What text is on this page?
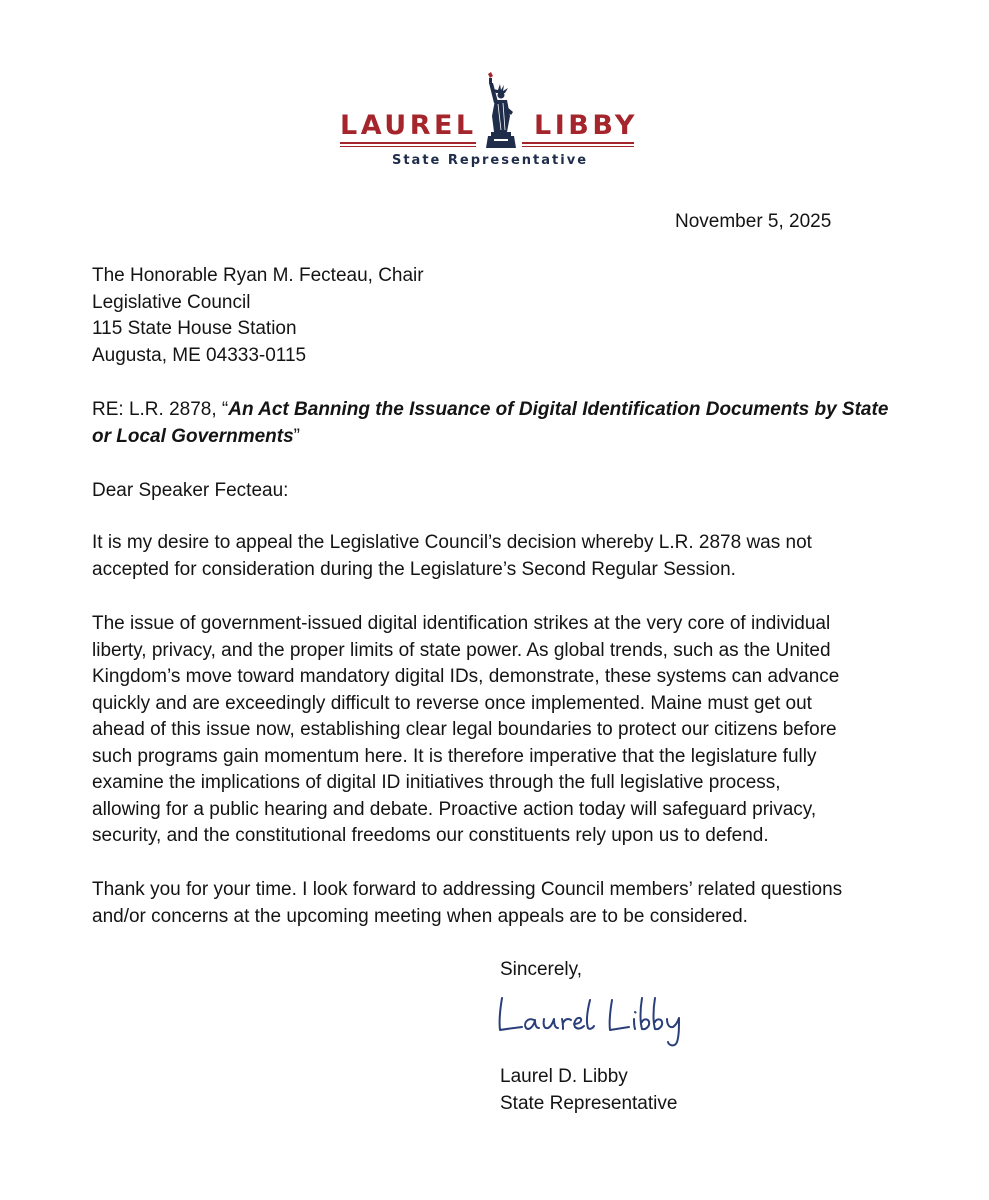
LAUREL LIBBY
State Representative
November 5, 2025
The Honorable Ryan M. Fecteau, Chair
Legislative Council
115 State House Station
Augusta, ME 04333-0115
RE: L.R. 2878, “An Act Banning the Issuance of Digital Identification Documents by State
or Local Governments”
Dear Speaker Fecteau:
It is my desire to appeal the Legislative Council’s decision whereby L.R. 2878 was not
accepted for consideration during the Legislature’s Second Regular Session.
The issue of government-issued digital identification strikes at the very core of individual
liberty, privacy, and the proper limits of state power. As global trends, such as the United
Kingdom’s move toward mandatory digital IDs, demonstrate, these systems can advance
quickly and are exceedingly difficult to reverse once implemented. Maine must get out
ahead of this issue now, establishing clear legal boundaries to protect our citizens before
such programs gain momentum here. It is therefore imperative that the legislature fully
examine the implications of digital ID initiatives through the full legislative process,
allowing for a public hearing and debate. Proactive action today will safeguard privacy,
security, and the constitutional freedoms our constituents rely upon us to defend.
Thank you for your time. I look forward to addressing Council members’ related questions
and/or concerns at the upcoming meeting when appeals are to be considered.
Sincerely,
Laurel D. Libby
State Representative
